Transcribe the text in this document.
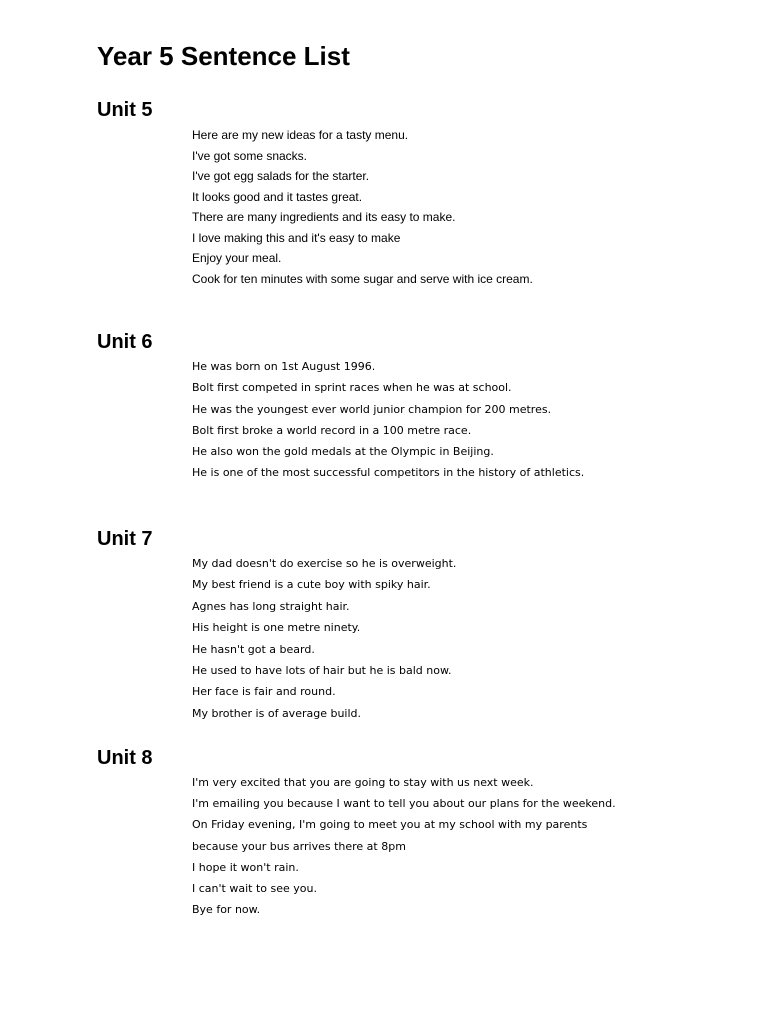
Year 5 Sentence List
Unit 5
Here are my new ideas for a tasty menu.
I've got some snacks.
I've got egg salads for the starter.
It looks good and it tastes great.
There are many ingredients and its easy to make.
I love making this and it's easy to make
Enjoy your meal.
Cook for ten minutes with some sugar and serve with ice cream.
Unit 6
He was born on 1st August 1996.
Bolt first competed in sprint races when he was at school.
He was the youngest ever world junior champion for 200 metres.
Bolt first broke a world record in a 100 metre race.
He also won the gold medals at the Olympic in Beijing.
He is one of the most successful competitors in the history of athletics.
Unit 7
My dad doesn't do exercise so he is overweight.
My best friend is a cute boy with spiky hair.
Agnes has long straight hair.
His height is one metre ninety.
He hasn't got a beard.
He used to have lots of hair but he is bald now.
Her face is fair and round.
My brother is of average build.
Unit 8
I'm very excited that you are going to stay with us next week.
I'm emailing you because I want to tell you about our plans for the weekend.
On Friday evening, I'm going to meet you at my school with my parents
because your bus arrives there at 8pm
I hope it won't rain.
I can't wait to see you.
Bye for now.
